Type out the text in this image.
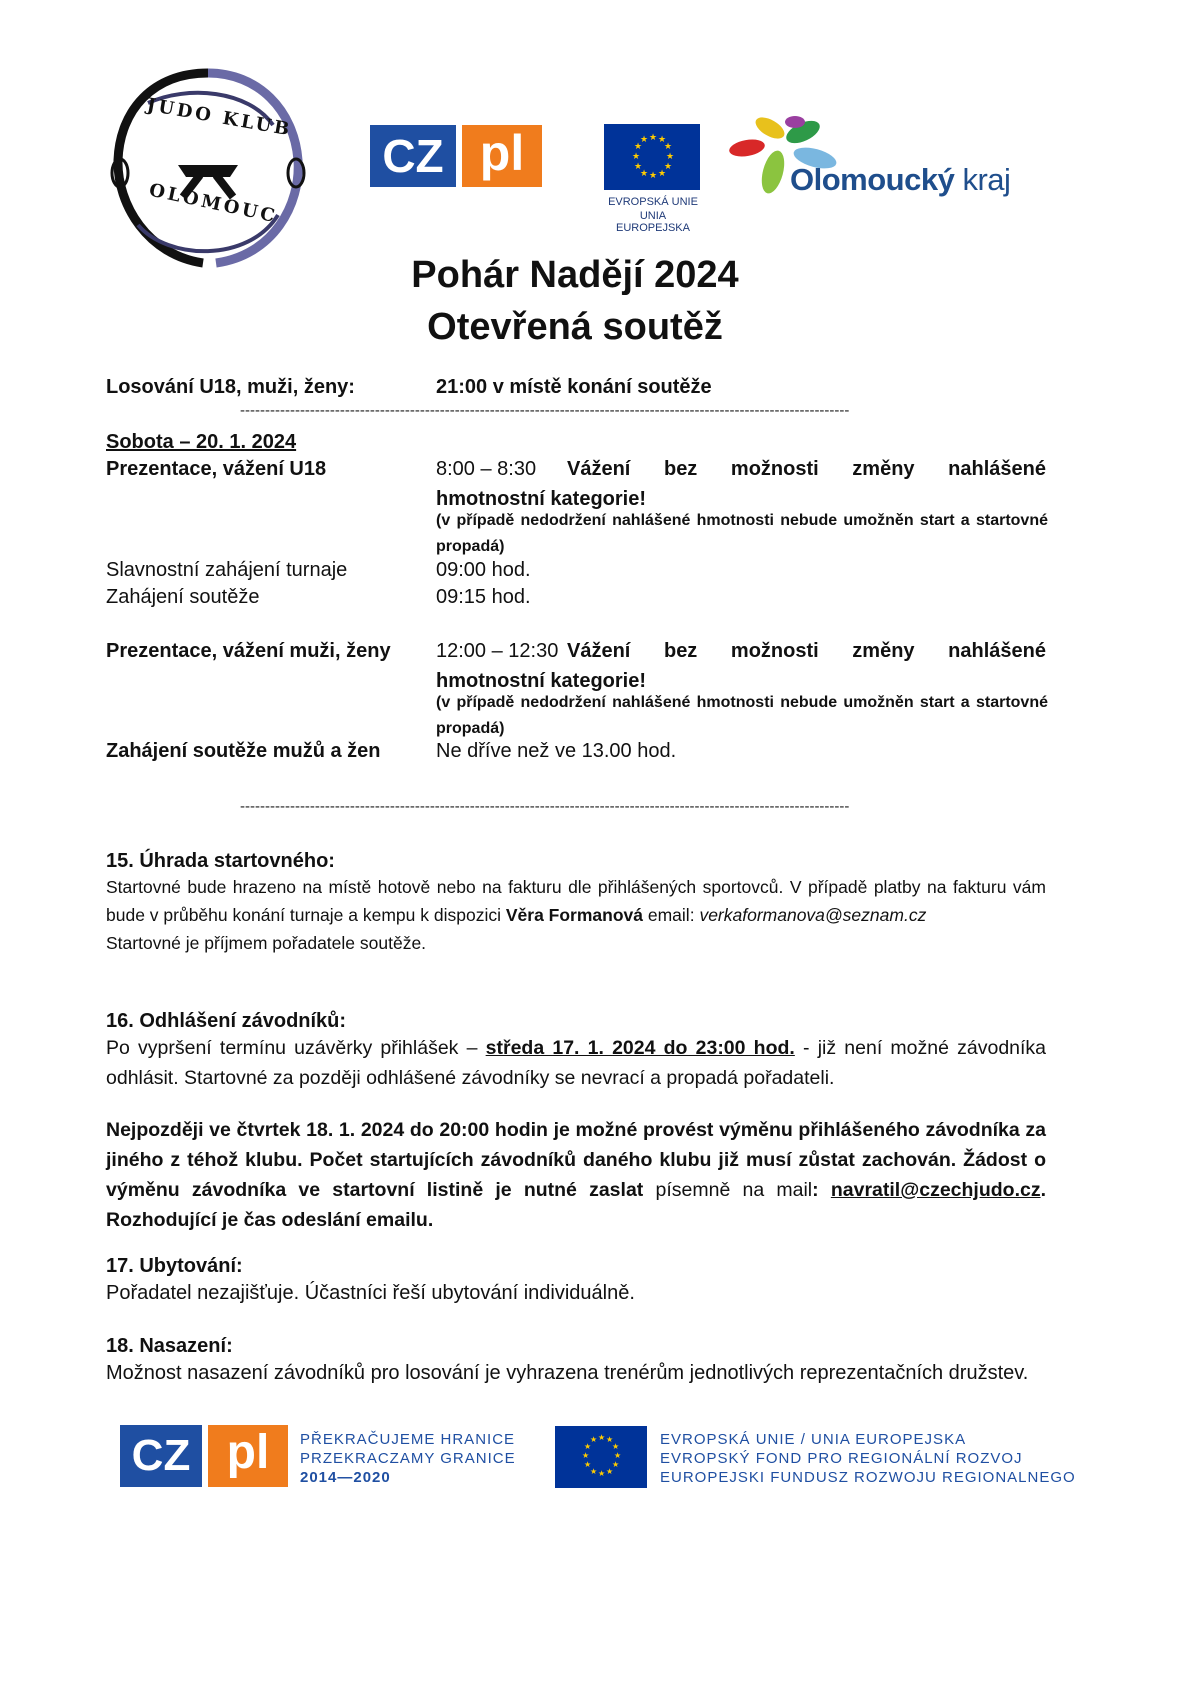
JUDO KLUB
OLOMOUC
CZ pl	★ ★
★
★
★
★
★
★
★
★
★
★
EVROPSKÁ UNIE
UNIA EUROPEJSKA
Olomoucký kraj
Pohár Nadějí 2024
Otevřená soutěž
Losování U18, muži, ženy:	21:00 v místě konání soutěže
--------------------------------------------------------------------------------------------------------------------------
Sobota – 20. 1. 2024
Prezentace, vážení U18	8:00 – 8:30	Vážení bez možnosti změny nahlášené hmotnostní kategorie!
(v případě nedodržení nahlášené hmotnosti nebude umožněn start a startovné propadá)
Slavnostní zahájení turnaje	09:00 hod.
Zahájení soutěže	09:15 hod.
Prezentace, vážení muži, ženy 12:00 – 12:30 Vážení bez možnosti změny nahlášené hmotnostní kategorie!
(v případě nedodržení nahlášené hmotnosti nebude umožněn start a startovné propadá)
Zahájení soutěže mužů a žen	Ne dříve než ve 13.00 hod.
--------------------------------------------------------------------------------------------------------------------------
15. Úhrada startovného:
Startovné bude hrazeno na místě hotově nebo na fakturu dle přihlášených sportovců. V případě platby na fakturu vám bude v průběhu konání turnaje a kempu k dispozici Věra Formanová email: verkaformanova@seznam.cz
Startovné je příjmem pořadatele soutěže.
16. Odhlášení závodníků:
Po vypršení termínu uzávěrky přihlášek – středa 17. 1. 2024 do 23:00 hod. - již není možné závodníka odhlásit. Startovné za později odhlášené závodníky se nevrací a propadá pořadateli.
Nejpozději ve čtvrtek 18. 1. 2024 do 20:00 hodin je možné provést výměnu přihlášeného závodníka za jiného z téhož klubu. Počet startujících závodníků daného klubu již musí zůstat zachován. Žádost o výměnu závodníka ve startovní listině je nutné zaslat písemně na mail: navratil@czechjudo.cz. Rozhodující je čas odeslání emailu.
17. Ubytování:
Pořadatel nezajišťuje. Účastníci řeší ubytování individuálně.
18. Nasazení:
Možnost nasazení závodníků pro losování je vyhrazena trenérům jednotlivých reprezentačních družstev.
CZ pl	PŘEKRAČUJEME HRANICE
PRZEKRACZAMY GRANICE
2014—2020
★ ★
★
★
★
★
★
★
★
★
★
★	EVROPSKÁ UNIE / UNIA EUROPEJSKA
EVROPSKÝ FOND PRO REGIONÁLNÍ ROZVOJ
EUROPEJSKI FUNDUSZ ROZWOJU REGIONALNEGO
